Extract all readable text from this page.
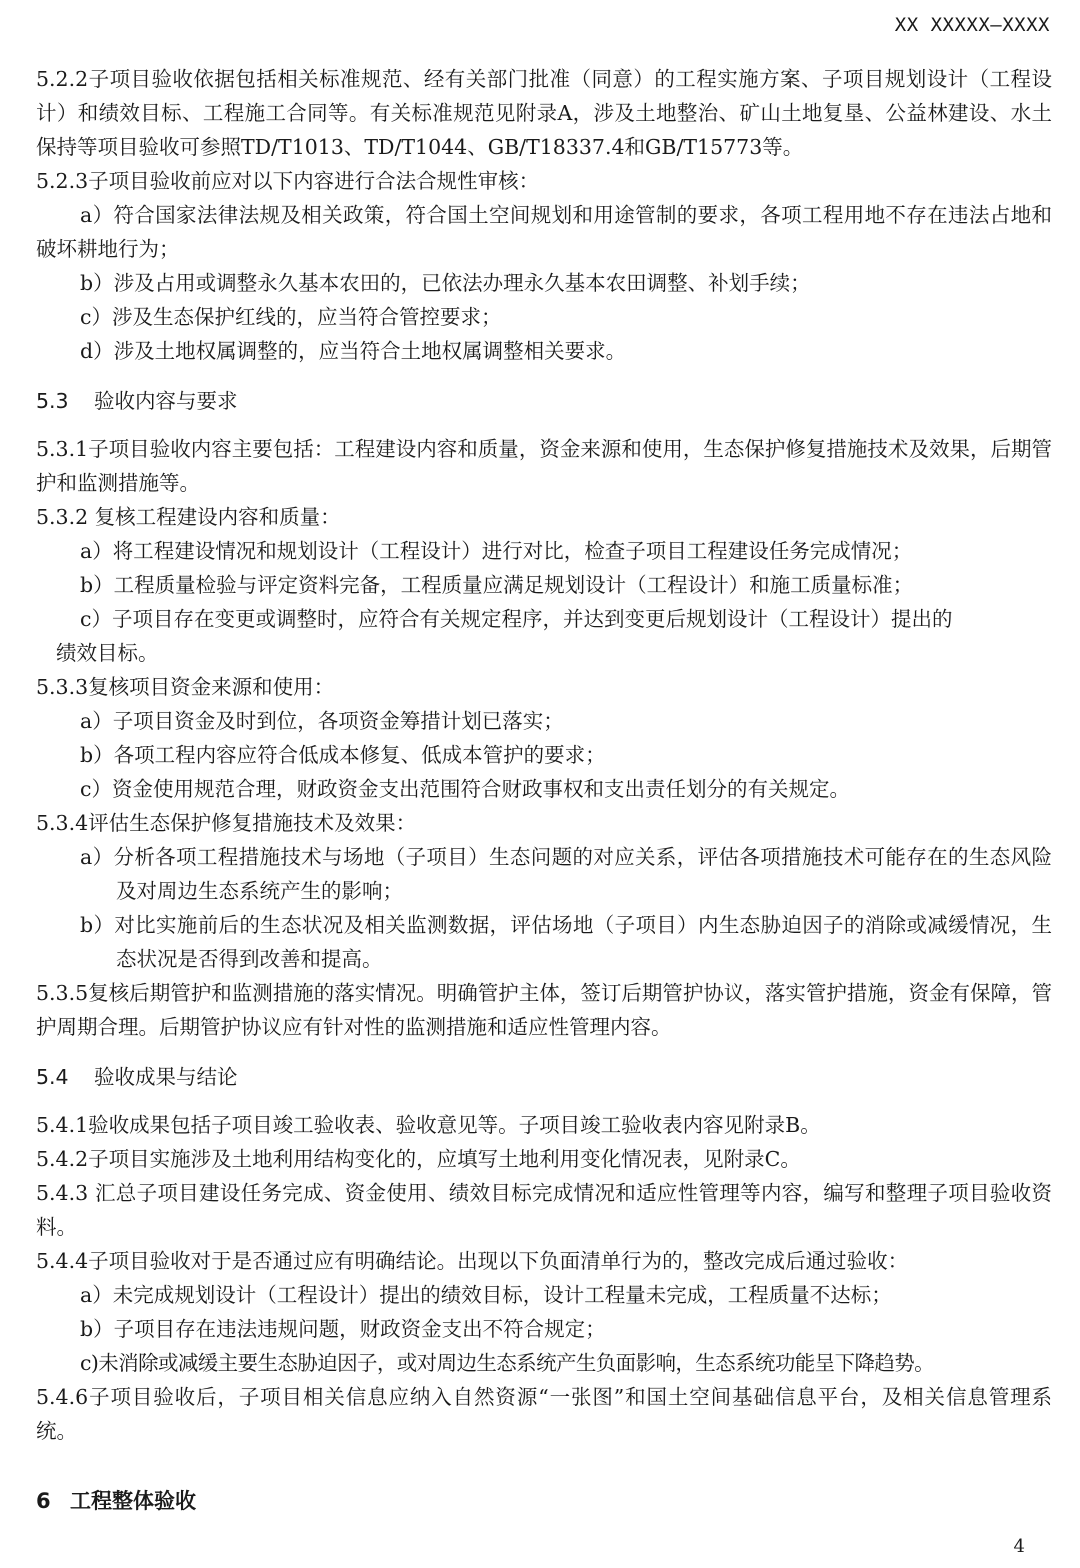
XX XXXXX—XXXX

5.2.2子项目验收依据包括相关标准规范、经有关部门批准（同意）的工程实施方案、子项目规划设计（工程设计）和绩效目标、工程施工合同等。有关标准规范见附录A，涉及土地整治、矿山土地复垦、公益林建设、水土保持等项目验收可参照TD/T1013、TD/T1044、GB/T18337.4和GB/T15773等。

5.2.3子项目验收前应对以下内容进行合法合规性审核：

a）符合国家法律法规及相关政策，符合国土空间规划和用途管制的要求，各项工程用地不存在违法占地和破坏耕地行为；

b）涉及占用或调整永久基本农田的，已依法办理永久基本农田调整、补划手续；

c）涉及生态保护红线的，应当符合管控要求；

d）涉及土地权属调整的，应当符合土地权属调整相关要求。

5.3 验收内容与要求

5.3.1子项目验收内容主要包括：工程建设内容和质量，资金来源和使用，生态保护修复措施技术及效果，后期管护和监测措施等。

5.3.2 复核工程建设内容和质量：

a）将工程建设情况和规划设计（工程设计）进行对比，检查子项目工程建设任务完成情况；

b）工程质量检验与评定资料完备，工程质量应满足规划设计（工程设计）和施工质量标准；

c）子项目存在变更或调整时，应符合有关规定程序，并达到变更后规划设计（工程设计）提出的

绩效目标。

5.3.3复核项目资金来源和使用：

a）子项目资金及时到位，各项资金筹措计划已落实；

b）各项工程内容应符合低成本修复、低成本管护的要求；

c）资金使用规范合理，财政资金支出范围符合财政事权和支出责任划分的有关规定。

5.3.4评估生态保护修复措施技术及效果：

a）分析各项工程措施技术与场地（子项目）生态问题的对应关系，评估各项措施技术可能存在的生态风险及对周边生态系统产生的影响；

b）对比实施前后的生态状况及相关监测数据，评估场地（子项目）内生态胁迫因子的消除或减缓情况，生态状况是否得到改善和提高。

5.3.5复核后期管护和监测措施的落实情况。明确管护主体，签订后期管护协议，落实管护措施，资金有保障，管护周期合理。后期管护协议应有针对性的监测措施和适应性管理内容。

5.4 验收成果与结论

5.4.1验收成果包括子项目竣工验收表、验收意见等。子项目竣工验收表内容见附录B。

5.4.2子项目实施涉及土地利用结构变化的，应填写土地利用变化情况表，见附录C。

5.4.3 汇总子项目建设任务完成、资金使用、绩效目标完成情况和适应性管理等内容，编写和整理子项目验收资料。

5.4.4子项目验收对于是否通过应有明确结论。出现以下负面清单行为的，整改完成后通过验收：

a）未完成规划设计（工程设计）提出的绩效目标，设计工程量未完成，工程质量不达标；

b）子项目存在违法违规问题，财政资金支出不符合规定；

c)未消除或减缓主要生态胁迫因子，或对周边生态系统产生负面影响，生态系统功能呈下降趋势。

5.4.6子项目验收后，子项目相关信息应纳入自然资源“一张图”和国土空间基础信息平台，及相关信息管理系统。

6 工程整体验收
4
